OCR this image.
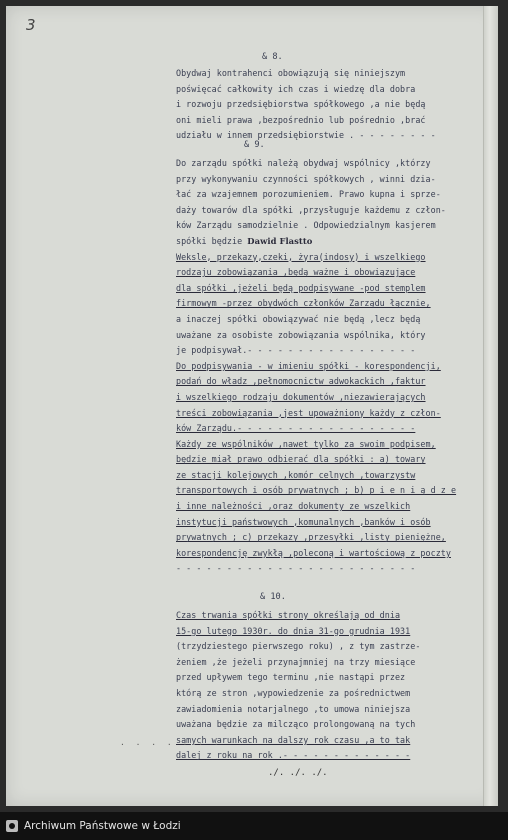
3
& 8.
Obydwaj kontrahenci obowiązują się niniejszym
poświęcać całkowity ich czas i wiedzę dla dobra
i rozwoju przedsiębiorstwa spółkowego ,a nie będą
oni mieli prawa ,bezpośrednio lub pośrednio ,brać
udziału w innem przedsiębiorstwie . - - - - - - - -
& 9.
Do zarządu spółki należą obydwaj wspólnicy ,którzy
przy wykonywaniu czynności spółkowych , winni dzia-
łać za wzajemnem porozumieniem. Prawo kupna i sprze-
daży towarów dla spółki ,przysługuje każdemu z człon-
ków Zarządu samodzielnie . Odpowiedzialnym kasjerem
spółki będzie Dawid Flastto
Weksle, przekazy,czeki, żyra(indosy) i wszelkiego
rodzaju zobowiązania ,będą ważne i obowiązujące
dla spółki ,jeżeli będą podpisywane -pod stemplem
firmowym -przez obydwóch członków Zarządu łącznie,
a inaczej spółki obowiązywać nie będą ,lecz będą
uważane za osobiste zobowiązania wspólnika, który
je podpisywał.- - - - - - - - - - - - - - - - -
Do podpisywania - w imieniu spółki - korespondencji,
podań do władz ,pełnomocnictw adwokackich ,faktur
i wszelkiego rodzaju dokumentów ,niezawierających
treści zobowiązania ,jest upoważniony każdy z człon-
ków Zarządu.- - - - - - - - - - - - - - - - - -
Każdy ze wspólników ,nawet tylko za swoim podpisem,
będzie miał prawo odbierać dla spółki : a) towary
ze stacji kolejowych ,komór celnych ,towarzystw
transportowych i osób prywatnych ; b) p i e n i ą d z e
i inne należności ,oraz dokumenty ze wszelkich
instytucji państwowych ,komunalnych ,banków i osób
prywatnych ; c) przekazy ,przesyłki ,listy pieniężne,
korespondencję zwykłą ,poleconą i wartościową z poczty
- - - - - - - - - - - - - - - - - - - - - - - -
& 10.
Czas trwania spółki strony określają od dnia
15-go lutego 1930r. do dnia 31-go grudnia 1931
(trzydziestego pierwszego roku) , z tym zastrze-
żeniem ,że jeżeli przynajmniej na trzy miesiące
przed upływem tego terminu ,nie nastąpi przez
którą ze stron ,wypowiedzenie za pośrednictwem
zawiadomienia notarjalnego ,to umowa niniejsza
uważana będzie za milcząco prolongowaną na tych
samych warunkach na dalszy rok czasu ,a to tak
dalej z roku na rok .- - - - - - - - - - - - -
./. ./. ./.
· · · · · · ·
Archiwum Państwowe w Łodzi
